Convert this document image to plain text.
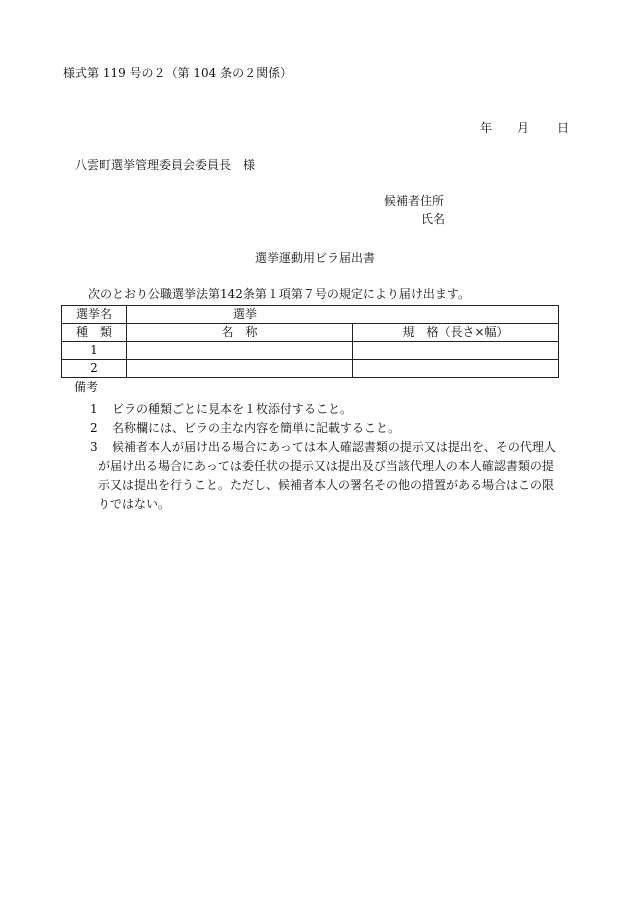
様式第 119 号の２（第 104 条の２関係）
年 月 日
八雲町選挙管理委員会委員長　様
候補者住所
氏名
選挙運動用ビラ届出書
次のとおり公職選挙法第142条第１項第７号の規定により届け出ます。
選挙名	選挙	
種　類	名　称	規　格（長さ×幅）
1		
2		
備考
1 ビラの種類ごとに見本を１枚添付すること。
2 名称欄には、ビラの主な内容を簡単に記載すること。
3 候補者本人が届け出る場合にあっては本人確認書類の提示又は提出を、その代理人
が届け出る場合にあっては委任状の提示又は提出及び当該代理人の本人確認書類の提
示又は提出を行うこと。ただし、候補者本人の署名その他の措置がある場合はこの限
りではない。
